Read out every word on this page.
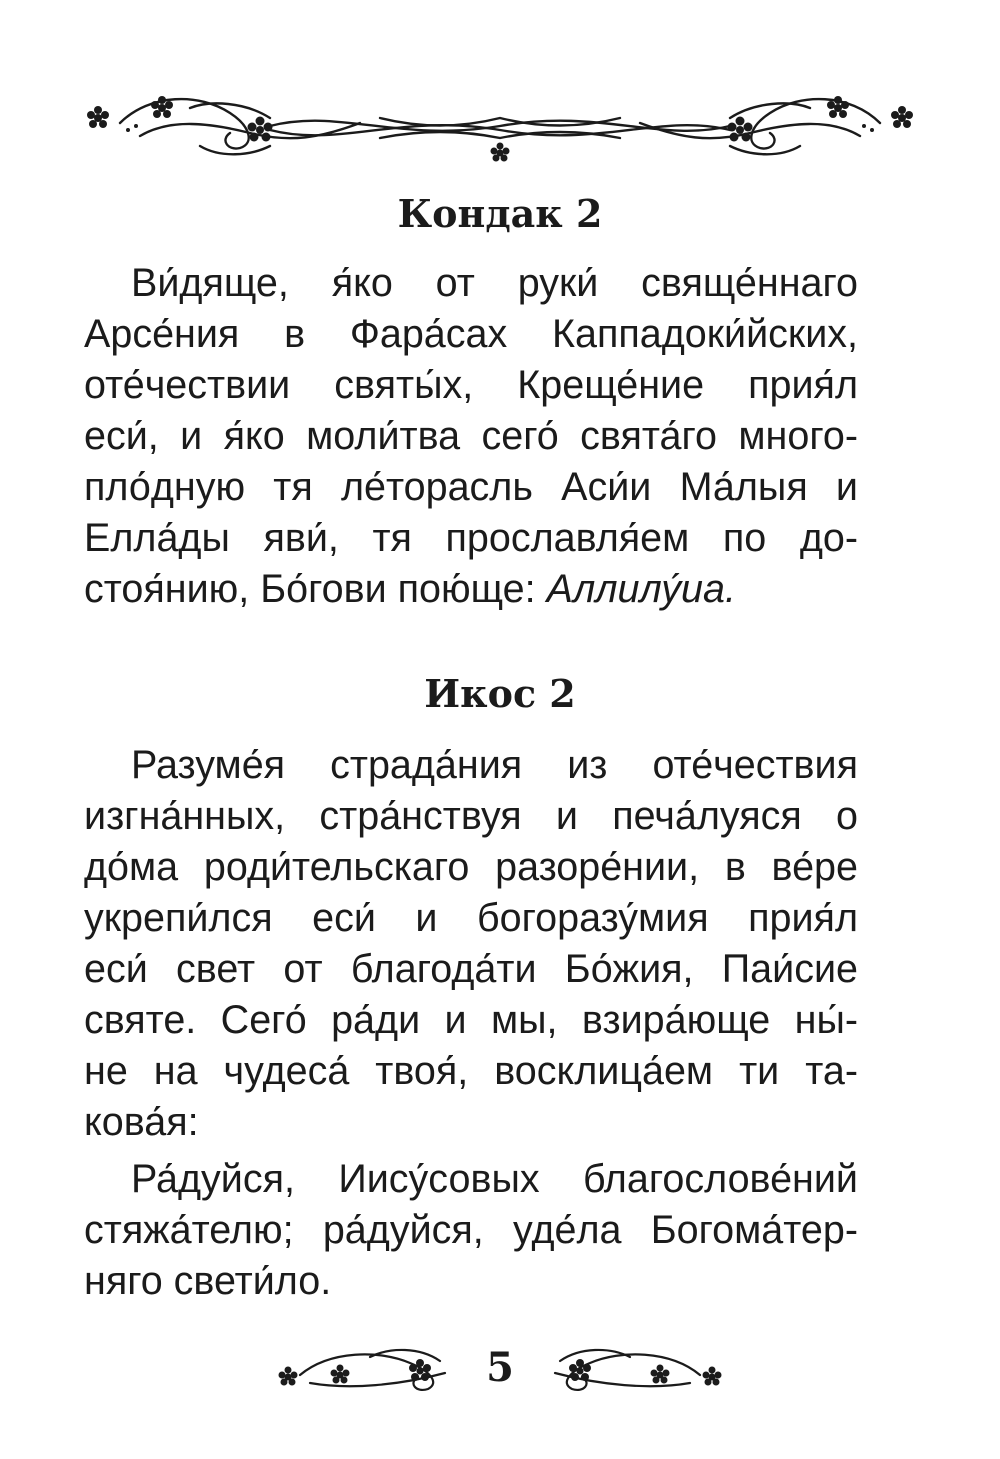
Кондак 2
Ви́дяще, я́ко от руки́ свяще́ннаго
Арсе́ния в Фара́сах Каппадоки́йских,
оте́чествии святы́х, Креще́ние прия́л
еси́, и я́ко моли́тва сего́ свята́го много-
пло́дную тя ле́торасль Аси́и Ма́лыя и
Елла́ды яви́, тя прославля́ем по до-
стоя́нию, Бо́гови пою́ще: Аллилу́иа.
Икос 2
Разуме́я страда́ния из оте́чествия
изгна́нных, стра́нствуя и печа́луяся о
до́ма роди́тельскаго разоре́нии, в ве́ре
укрепи́лся еси́ и богоразу́мия прия́л
еси́ свет от благода́ти Бо́жия, Паи́сие
святе. Сего́ ра́ди и мы, взира́юще ны́-
не на чудеса́ твоя́, восклица́ем ти та-
кова́я:
Ра́дуйся, Иису́совых благослове́ний
стяжа́телю; ра́дуйся, уде́ла Богома́тер-
няго свети́ло.
5
